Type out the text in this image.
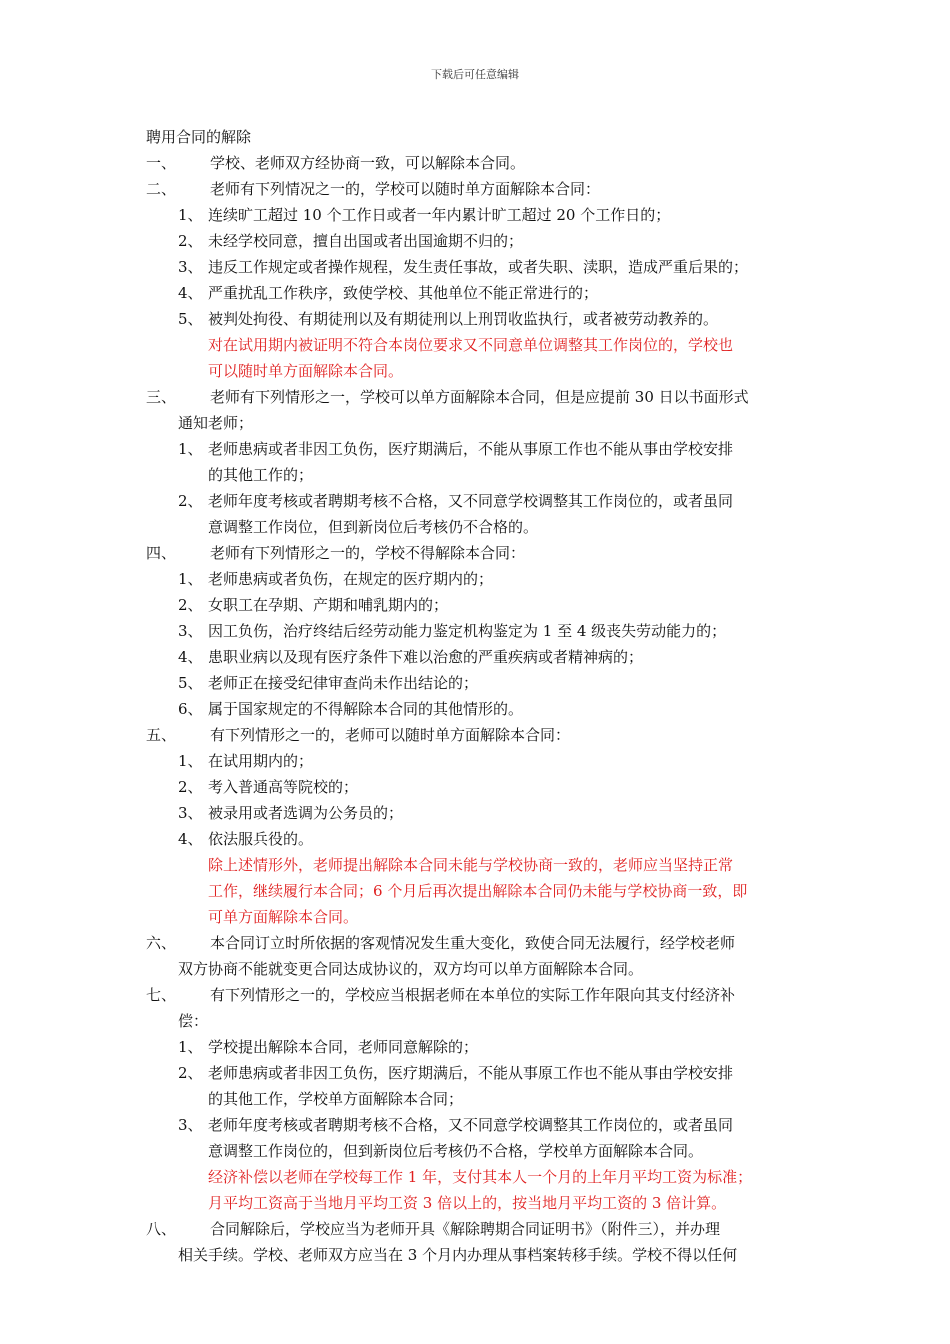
下载后可任意编辑
聘用合同的解除
一、 学校、老师双方经协商一致，可以解除本合同。
二、 老师有下列情况之一的，学校可以随时单方面解除本合同：
1、 连续旷工超过 10 个工作日或者一年内累计旷工超过 20 个工作日的；
2、 未经学校同意，擅自出国或者出国逾期不归的；
3、 违反工作规定或者操作规程，发生责任事故，或者失职、渎职，造成严重后果的；
4、 严重扰乱工作秩序，致使学校、其他单位不能正常进行的；
5、 被判处拘役、有期徒刑以及有期徒刑以上刑罚收监执行，或者被劳动教养的。
对在试用期内被证明不符合本岗位要求又不同意单位调整其工作岗位的，学校也
可以随时单方面解除本合同。
三、 老师有下列情形之一，学校可以单方面解除本合同，但是应提前 30 日以书面形式
通知老师；
1、 老师患病或者非因工负伤，医疗期满后，不能从事原工作也不能从事由学校安排
的其他工作的；
2、 老师年度考核或者聘期考核不合格，又不同意学校调整其工作岗位的，或者虽同
意调整工作岗位，但到新岗位后考核仍不合格的。
四、 老师有下列情形之一的，学校不得解除本合同：
1、 老师患病或者负伤，在规定的医疗期内的；
2、 女职工在孕期、产期和哺乳期内的；
3、 因工负伤，治疗终结后经劳动能力鉴定机构鉴定为 1 至 4 级丧失劳动能力的；
4、 患职业病以及现有医疗条件下难以治愈的严重疾病或者精神病的；
5、 老师正在接受纪律审查尚未作出结论的；
6、 属于国家规定的不得解除本合同的其他情形的。
五、 有下列情形之一的，老师可以随时单方面解除本合同：
1、 在试用期内的；
2、 考入普通高等院校的；
3、 被录用或者选调为公务员的；
4、 依法服兵役的。
除上述情形外，老师提出解除本合同未能与学校协商一致的，老师应当坚持正常
工作，继续履行本合同；6 个月后再次提出解除本合同仍未能与学校协商一致，即
可单方面解除本合同。
六、 本合同订立时所依据的客观情况发生重大变化，致使合同无法履行，经学校老师
双方协商不能就变更合同达成协议的，双方均可以单方面解除本合同。
七、 有下列情形之一的，学校应当根据老师在本单位的实际工作年限向其支付经济补
偿：
1、 学校提出解除本合同，老师同意解除的；
2、 老师患病或者非因工负伤，医疗期满后，不能从事原工作也不能从事由学校安排
的其他工作，学校单方面解除本合同；
3、 老师年度考核或者聘期考核不合格，又不同意学校调整其工作岗位的，或者虽同
意调整工作岗位的，但到新岗位后考核仍不合格，学校单方面解除本合同。
经济补偿以老师在学校每工作 1 年，支付其本人一个月的上年月平均工资为标准；
月平均工资高于当地月平均工资 3 倍以上的，按当地月平均工资的 3 倍计算。
八、 合同解除后，学校应当为老师开具《解除聘期合同证明书》（附件三），并办理
相关手续。学校、老师双方应当在 3 个月内办理从事档案转移手续。学校不得以任何
